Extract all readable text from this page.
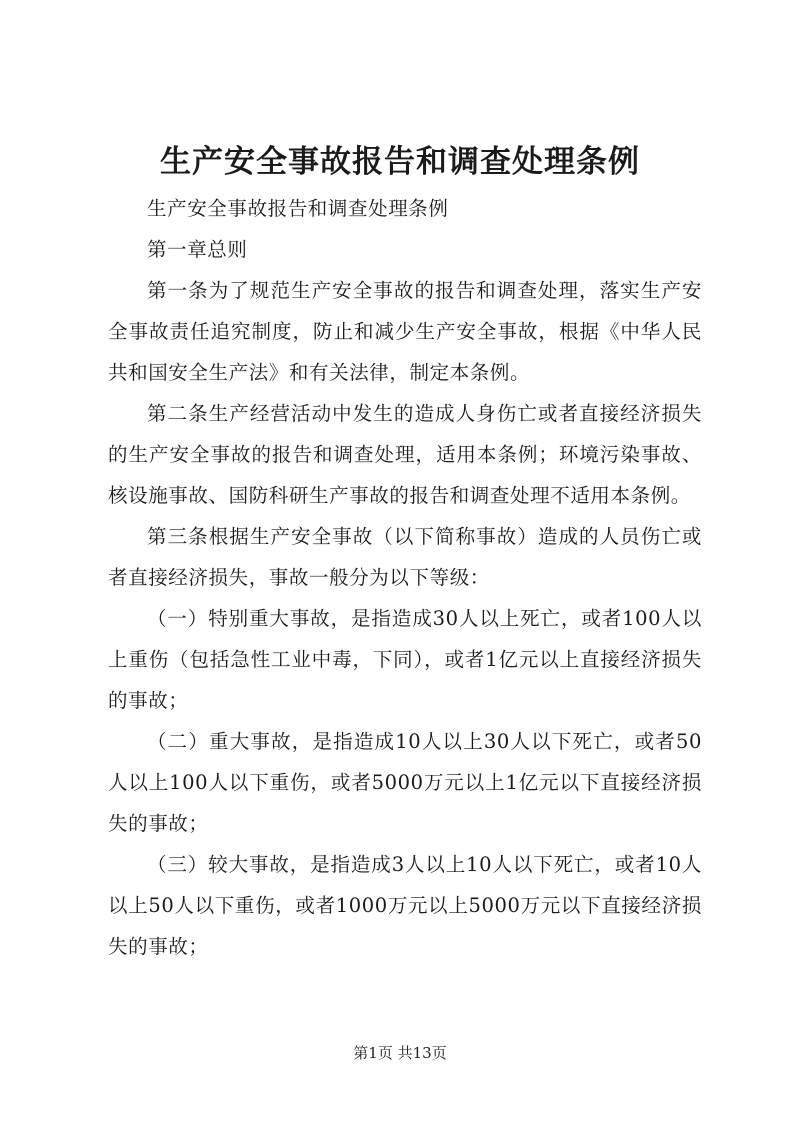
生产安全事故报告和调查处理条例

生产安全事故报告和调查处理条例

第一章总则

第一条为了规范生产安全事故的报告和调查处理，落实生产安全事故责任追究制度，防止和减少生产安全事故，根据《中华人民共和国安全生产法》和有关法律，制定本条例。

第二条生产经营活动中发生的造成人身伤亡或者直接经济损失的生产安全事故的报告和调查处理，适用本条例；环境污染事故、核设施事故、国防科研生产事故的报告和调查处理不适用本条例。

第三条根据生产安全事故（以下简称事故）造成的人员伤亡或者直接经济损失，事故一般分为以下等级：

（一）特别重大事故，是指造成30人以上死亡，或者100人以上重伤（包括急性工业中毒，下同），或者1亿元以上直接经济损失的事故；

（二）重大事故，是指造成10人以上30人以下死亡，或者50人以上100人以下重伤，或者5000万元以上1亿元以下直接经济损失的事故；

（三）较大事故，是指造成3人以上10人以下死亡，或者10人以上50人以下重伤，或者1000万元以上5000万元以下直接经济损失的事故；

第1页 共13页
